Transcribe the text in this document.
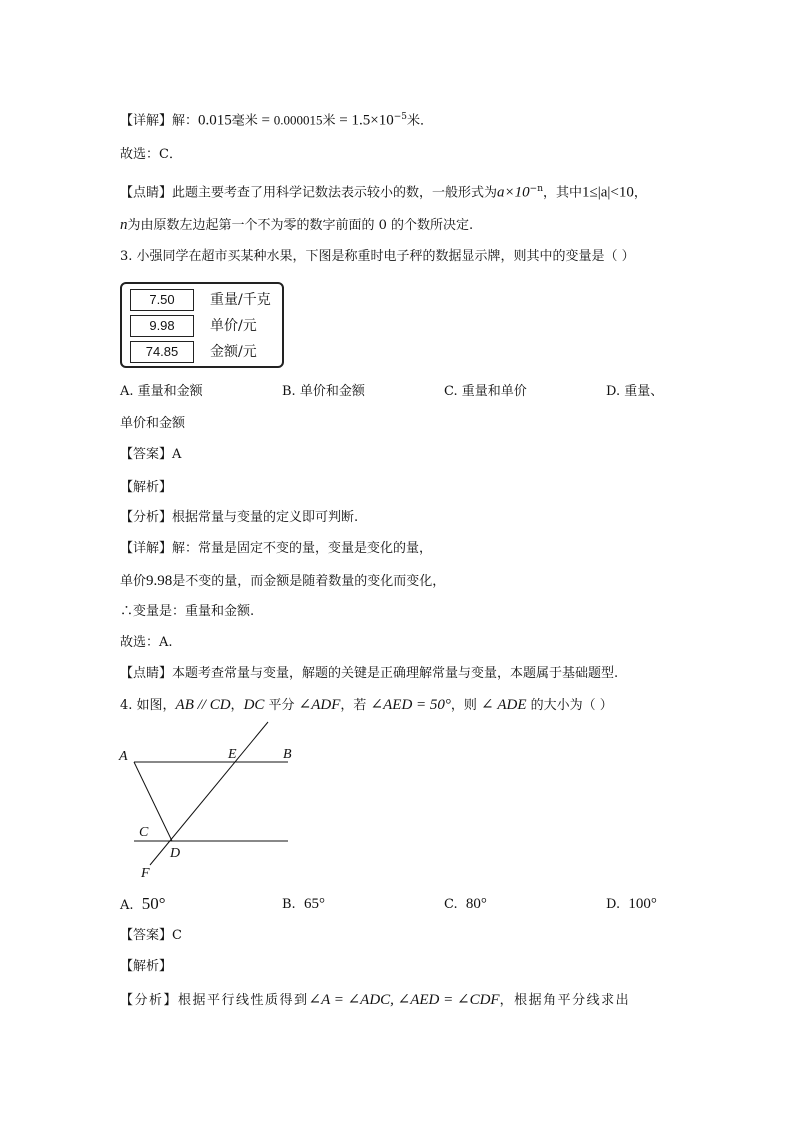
【详解】解：0.015毫米 = 0.000015米 = $1.5\times 10^{-5}$米．
故选：C．
【点睛】此题主要考查了用科学记数法表示较小的数，一般形式为$a\times 10^{-n}$，其中1≤|a|<10，
n为由原数左边起第一个不为零的数字前面的 0 的个数所决定.
3. 小强同学在超市买某种水果，下图是称重时电子秤的数据显示牌，则其中的变量是（ ）
7.50	重量/千克
9.98	单价/元
74.85	金额/元
A. 重量和金额	B. 单价和金额	C. 重量和单价	D. 重量、
单价和金额
【答案】A
【解析】
【分析】根据常量与变量的定义即可判断.
【详解】解：常量是固定不变的量，变量是变化的量，
单价9.98是不变的量，而金额是随着数量的变化而变化，
∴变量是：重量和金额.
故选：A.
【点睛】本题考查常量与变量，解题的关键是正确理解常量与变量，本题属于基础题型.
4. 如图，AB // CD，DC 平分 ∠ADF，若 ∠AED = 50°，则 ∠ ADE 的大小为（ ）
A	E	B
C
D
F
A. 50°	B. 65°	C. 80°	D. 100°
【答案】C
【解析】
【分析】根据平行线性质得到∠A = ∠ADC, ∠AED = ∠CDF，根据角平分线求出
